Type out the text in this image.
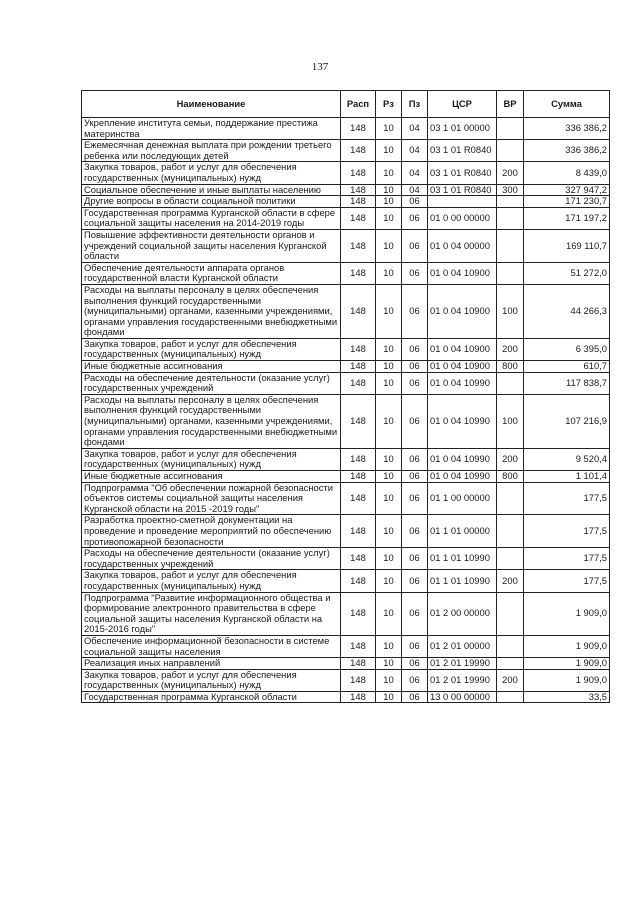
137
Наименование	Расп	Рз	Пз	ЦСР	ВР	Сумма
Укрепление института семьи, поддержание престижа материнства	148	10	04	03 1 01 00000		336 386,2
Ежемесячная денежная выплата при рождении третьего ребенка или последующих детей	148	10	04	03 1 01 R0840		336 386,2
Закупка товаров, работ и услуг для обеспечения государственных (муниципальных) нужд	148	10	04	03 1 01 R0840	200	8 439,0
Социальное обеспечение и иные выплаты населению	148	10	04	03 1 01 R0840	300	327 947,2
Другие вопросы в области социальной политики	148	10	06			171 230,7
Государственная программа Курганской области в сфере социальной защиты населения на 2014-2019 годы	148	10	06	01 0 00 00000		171 197,2
Повышение эффективности деятельности органов и учреждений социальной защиты населения Курганской области	148	10	06	01 0 04 00000		169 110,7
Обеспечение деятельности аппарата органов государственной власти Курганской области	148	10	06	01 0 04 10900		51 272,0
Расходы на выплаты персоналу в целях обеспечения выполнения функций государственными (муниципальными) органами, казенными учреждениями, органами управления государственными внебюджетными фондами	148	10	06	01 0 04 10900	100	44 266,3
Закупка товаров, работ и услуг для обеспечения государственных (муниципальных) нужд	148	10	06	01 0 04 10900	200	6 395,0
Иные бюджетные ассигнования	148	10	06	01 0 04 10900	800	610,7
Расходы на обеспечение деятельности (оказание услуг) государственных учреждений	148	10	06	01 0 04 10990		117 838,7
Расходы на выплаты персоналу в целях обеспечения выполнения функций государственными (муниципальными) органами, казенными учреждениями, органами управления государственными внебюджетными фондами	148	10	06	01 0 04 10990	100	107 216,9
Закупка товаров, работ и услуг для обеспечения государственных (муниципальных) нужд	148	10	06	01 0 04 10990	200	9 520,4
Иные бюджетные ассигнования	148	10	06	01 0 04 10990	800	1 101,4
Подпрограмма "Об обеспечении пожарной безопасности объектов системы социальной защиты населения Курганской области на 2015 -2019 годы"	148	10	06	01 1 00 00000		177,5
Разработка проектно-сметной документации на проведение и проведение мероприятий по обеспечению противопожарной безопасности	148	10	06	01 1 01 00000		177,5
Расходы на обеспечение деятельности (оказание услуг) государственных учреждений	148	10	06	01 1 01 10990		177,5
Закупка товаров, работ и услуг для обеспечения государственных (муниципальных) нужд	148	10	06	01 1 01 10990	200	177,5
Подпрограмма "Развитие информационного общества и формирование электронного правительства в сфере социальной защиты населения Курганской области на 2015-2016 годы"	148	10	06	01 2 00 00000		1 909,0
Обеспечение информационной безопасности в системе социальной защиты населения	148	10	06	01 2 01 00000		1 909,0
Реализация иных направлений	148	10	06	01 2 01 19990		1 909,0
Закупка товаров, работ и услуг для обеспечения государственных (муниципальных) нужд	148	10	06	01 2 01 19990	200	1 909,0
Государственная программа Курганской области	148	10	06	13 0 00 00000		33,5
